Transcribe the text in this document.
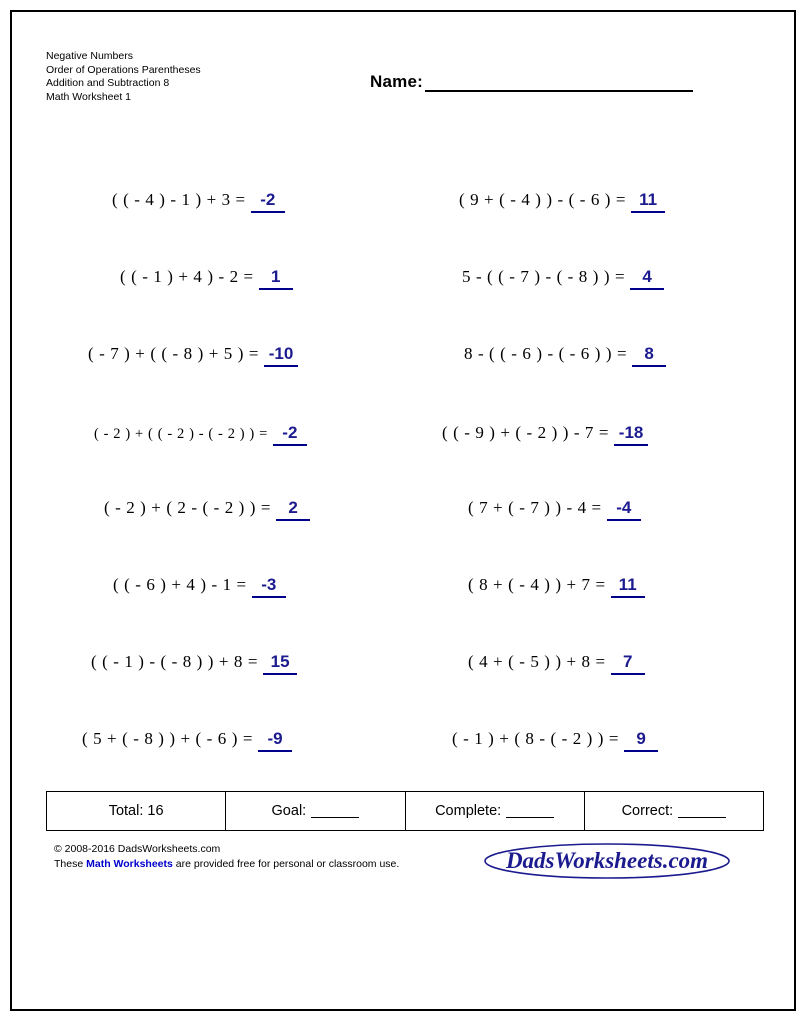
Negative Numbers
Order of Operations Parentheses
Addition and Subtraction 8
Math Worksheet 1
Name:
( ( - 4 ) - 1 ) + 3 = -2
( ( - 1 ) + 4 ) - 2 = 1
( - 7 ) + ( ( - 8 ) + 5 ) = -10
( - 2 ) + ( ( - 2 ) - ( - 2 ) ) = -2
( - 2 ) + ( 2 - ( - 2 ) ) = 2
( ( - 6 ) + 4 ) - 1 = -3
( ( - 1 ) - ( - 8 ) ) + 8 = 15
( 5 + ( - 8 ) ) + ( - 6 ) = -9
( 9 + ( - 4 ) ) - ( - 6 ) = 11
5 - ( ( - 7 ) - ( - 8 ) ) = 4
8 - ( ( - 6 ) - ( - 6 ) ) = 8
( ( - 9 ) + ( - 2 ) ) - 7 = -18
( 7 + ( - 7 ) ) - 4 = -4
( 8 + ( - 4 ) ) + 7 = 11
( 4 + ( - 5 ) ) + 8 = 7
( - 1 ) + ( 8 - ( - 2 ) ) = 9
Total: 16	Goal:	Complete:	Correct:
© 2008-2016 DadsWorksheets.com
These Math Worksheets are provided free for personal or classroom use.	DadsWorksheets.com
